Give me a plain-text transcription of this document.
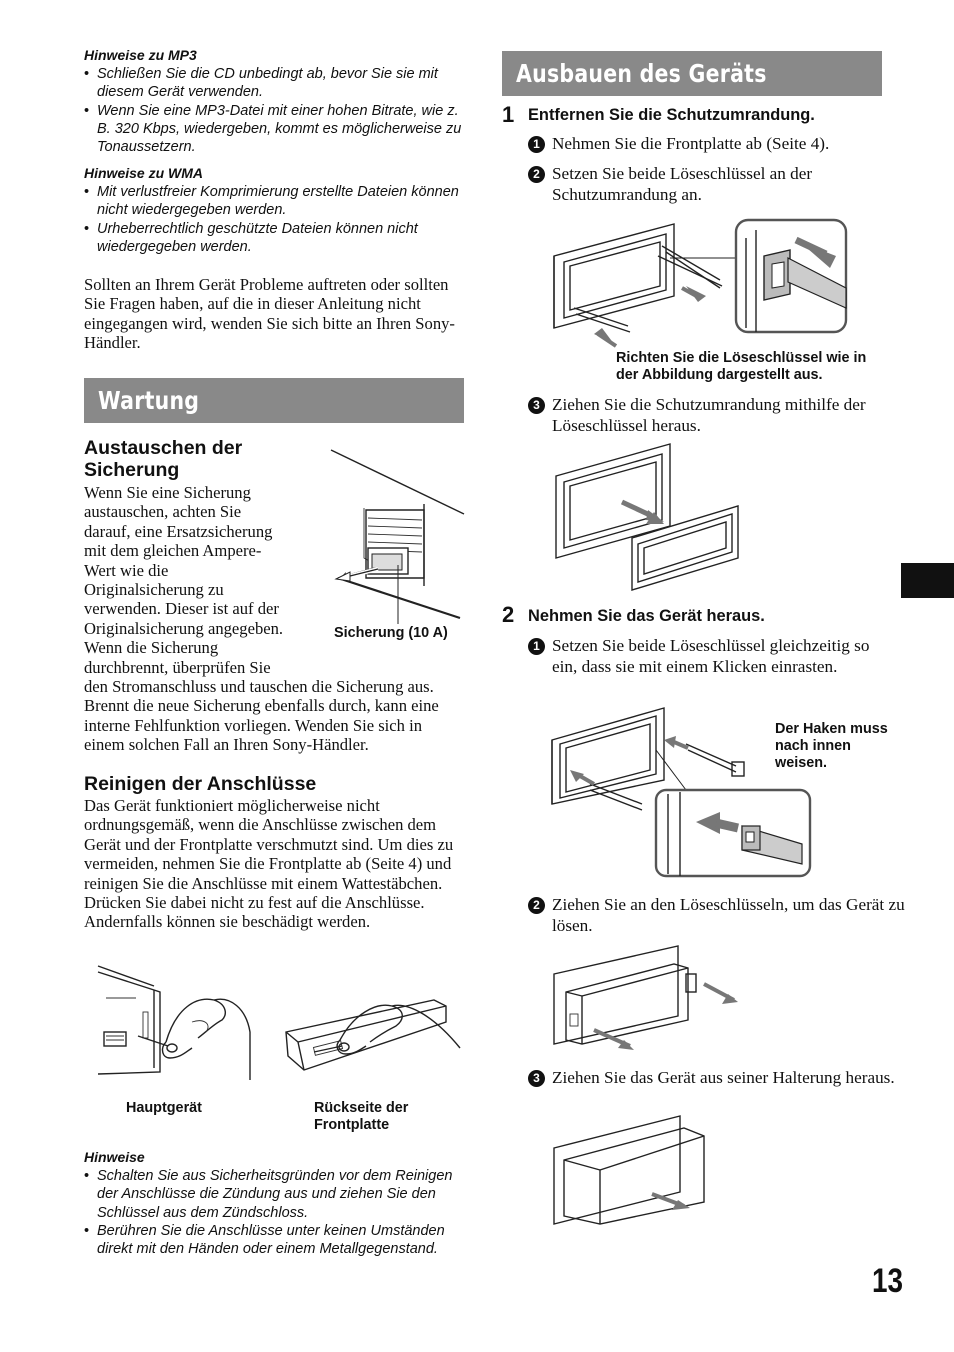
Hinweise zu MP3
• Schließen Sie die CD unbedingt ab, bevor Sie sie mit diesem Gerät verwenden.
• Wenn Sie eine MP3-Datei mit einer hohen Bitrate, wie z. B. 320 Kbps, wiedergeben, kommt es möglicherweise zu Tonaussetzern.
Hinweise zu WMA
• Mit verlustfreier Komprimierung erstellte Dateien können nicht wiedergegeben werden.
• Urheberrechtlich geschützte Dateien können nicht wiedergegeben werden.
Sollten an Ihrem Gerät Probleme auftreten oder sollten Sie Fragen haben, auf die in dieser Anleitung nicht eingegangen wird, wenden Sie sich bitte an Ihren Sony-Händler.
Wartung
Austauschen der Sicherung
Wenn Sie eine Sicherung austauschen, achten Sie darauf, eine Ersatzsicherung mit dem gleichen Ampere-Wert wie die Originalsicherung zu verwenden. Dieser ist auf der Originalsicherung angegeben. Wenn die Sicherung durchbrennt, überprüfen Sie den Stromanschluss und tauschen die Sicherung aus. Brennt die neue Sicherung ebenfalls durch, kann eine interne Fehlfunktion vorliegen. Wenden Sie sich in einem solchen Fall an Ihren Sony-Händler.
Sicherung (10 A)
Reinigen der Anschlüsse
Das Gerät funktioniert möglicherweise nicht ordnungsgemäß, wenn die Anschlüsse zwischen dem Gerät und der Frontplatte verschmutzt sind. Um dies zu vermeiden, nehmen Sie die Frontplatte ab (Seite 4) und reinigen Sie die Anschlüsse mit einem Wattestäbchen. Drücken Sie dabei nicht zu fest auf die Anschlüsse. Andernfalls können sie beschädigt werden.
Hauptgerät	Rückseite der Frontplatte
Hinweise
• Schalten Sie aus Sicherheitsgründen vor dem Reinigen der Anschlüsse die Zündung aus und ziehen Sie den Schlüssel aus dem Zündschloss.
• Berühren Sie die Anschlüsse unter keinen Umständen direkt mit den Händen oder einem Metallgegenstand.
Ausbauen des Geräts
1 Entfernen Sie die Schutzumrandung.
1 Nehmen Sie die Frontplatte ab (Seite 4).
2 Setzen Sie beide Löseschlüssel an der Schutzumrandung an.
Richten Sie die Löseschlüssel wie in der Abbildung dargestellt aus.
3 Ziehen Sie die Schutzumrandung mithilfe der Löseschlüssel heraus.
2 Nehmen Sie das Gerät heraus.
1 Setzen Sie beide Löseschlüssel gleichzeitig so ein, dass sie mit einem Klicken einrasten.
Der Haken muss nach innen weisen.
2 Ziehen Sie an den Löseschlüsseln, um das Gerät zu lösen.
3 Ziehen Sie das Gerät aus seiner Halterung heraus.
13
